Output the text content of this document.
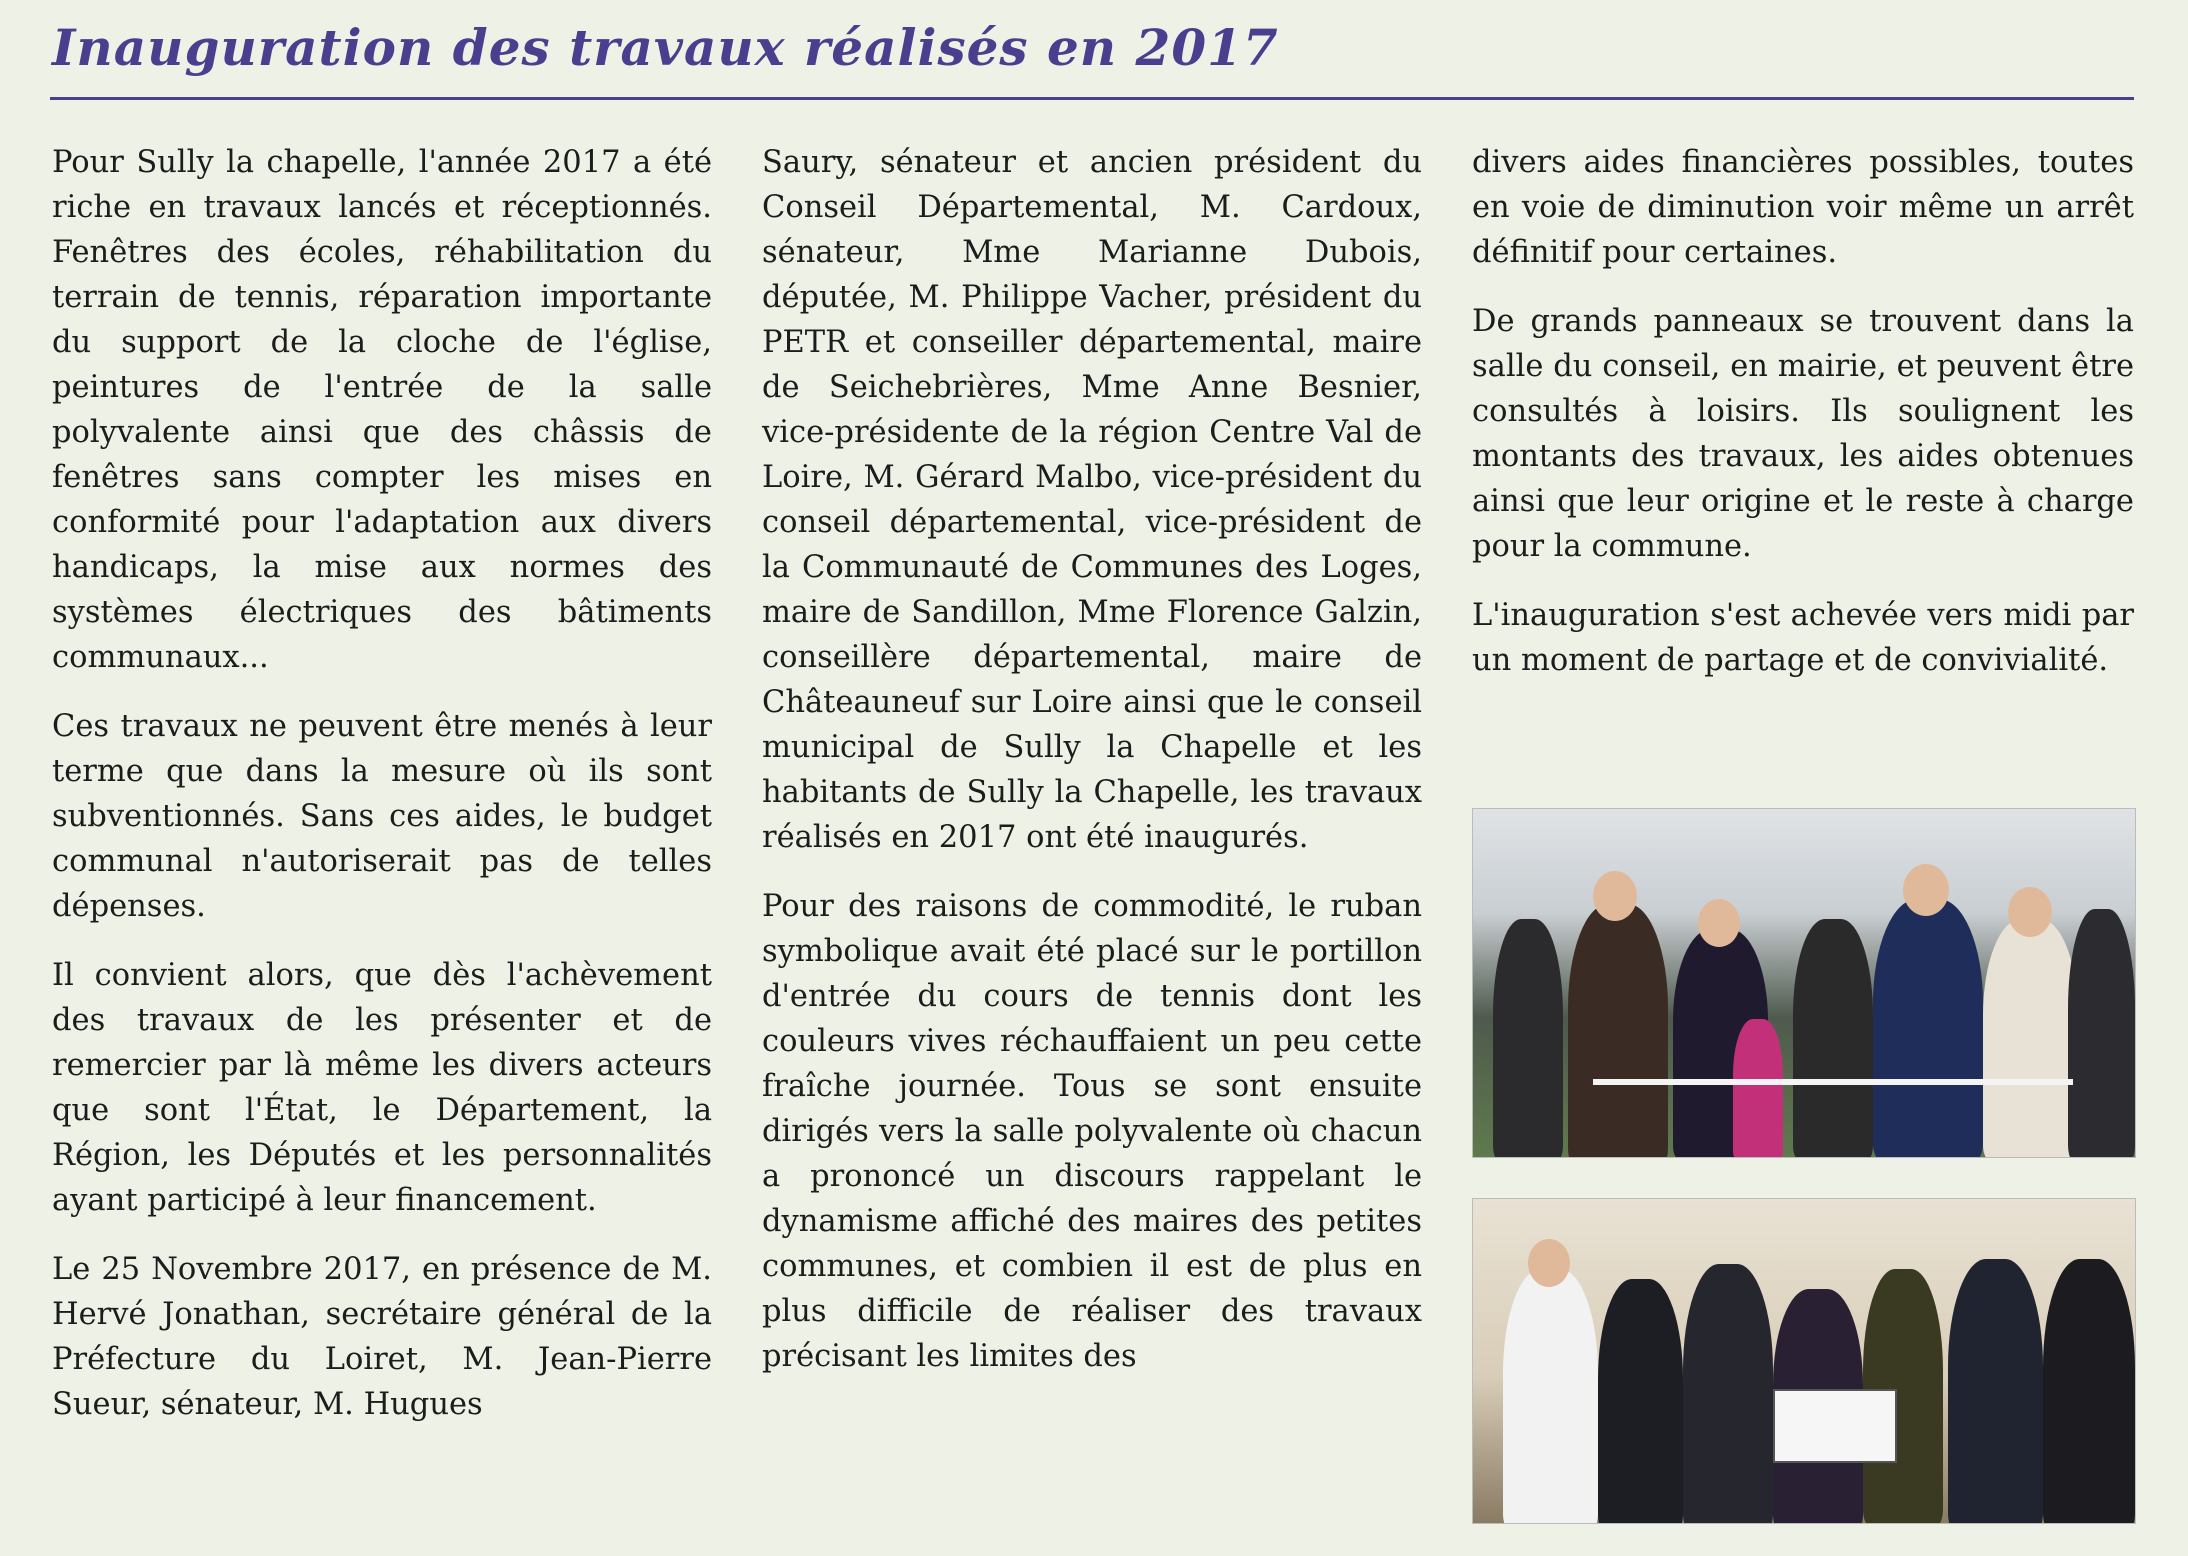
Inauguration des travaux réalisés en 2017

Pour Sully la chapelle, l'année 2017 a été riche en travaux lancés et réceptionnés. Fenêtres des écoles, réhabilitation du terrain de tennis, réparation importante du support de la cloche de l'église, peintures de l'entrée de la salle polyvalente ainsi que des châssis de fenêtres sans compter les mises en conformité pour l'adaptation aux divers handicaps, la mise aux normes des systèmes électriques des bâtiments communaux...

Ces travaux ne peuvent être menés à leur terme que dans la mesure où ils sont subventionnés. Sans ces aides, le budget communal n'autoriserait pas de telles dépenses.

Il convient alors, que dès l'achèvement des travaux de les présenter et de remercier par là même les divers acteurs que sont l'État, le Département, la Région, les Députés et les personnalités ayant participé à leur financement.

Le 25 Novembre 2017, en présence de M. Hervé Jonathan, secrétaire général de la Préfecture du Loiret, M. Jean-Pierre Sueur, sénateur, M. Hugues

Saury, sénateur et ancien président du Conseil Départemental, M. Cardoux, sénateur, Mme Marianne Dubois, députée, M. Philippe Vacher, président du PETR et conseiller départemental, maire de Seichebrières, Mme Anne Besnier, vice-présidente de la région Centre Val de Loire, M. Gérard Malbo, vice-président du conseil départemental, vice-président de la Communauté de Communes des Loges, maire de Sandillon, Mme Florence Galzin, conseillère départemental, maire de Châteauneuf sur Loire ainsi que le conseil municipal de Sully la Chapelle et les habitants de Sully la Chapelle, les travaux réalisés en 2017 ont été inaugurés.

Pour des raisons de commodité, le ruban symbolique avait été placé sur le portillon d'entrée du cours de tennis dont les couleurs vives réchauffaient un peu cette fraîche journée. Tous se sont ensuite dirigés vers la salle polyvalente où chacun a prononcé un discours rappelant le dynamisme affiché des maires des petites communes, et combien il est de plus en plus difficile de réaliser des travaux précisant les limites des

divers aides financières possibles, toutes en voie de diminution voir même un arrêt définitif pour certaines.

De grands panneaux se trouvent dans la salle du conseil, en mairie, et peuvent être consultés à loisirs. Ils soulignent les montants des travaux, les aides obtenues ainsi que leur origine et le reste à charge pour la commune.

L'inauguration s'est achevée vers midi par un moment de partage et de convivialité.
